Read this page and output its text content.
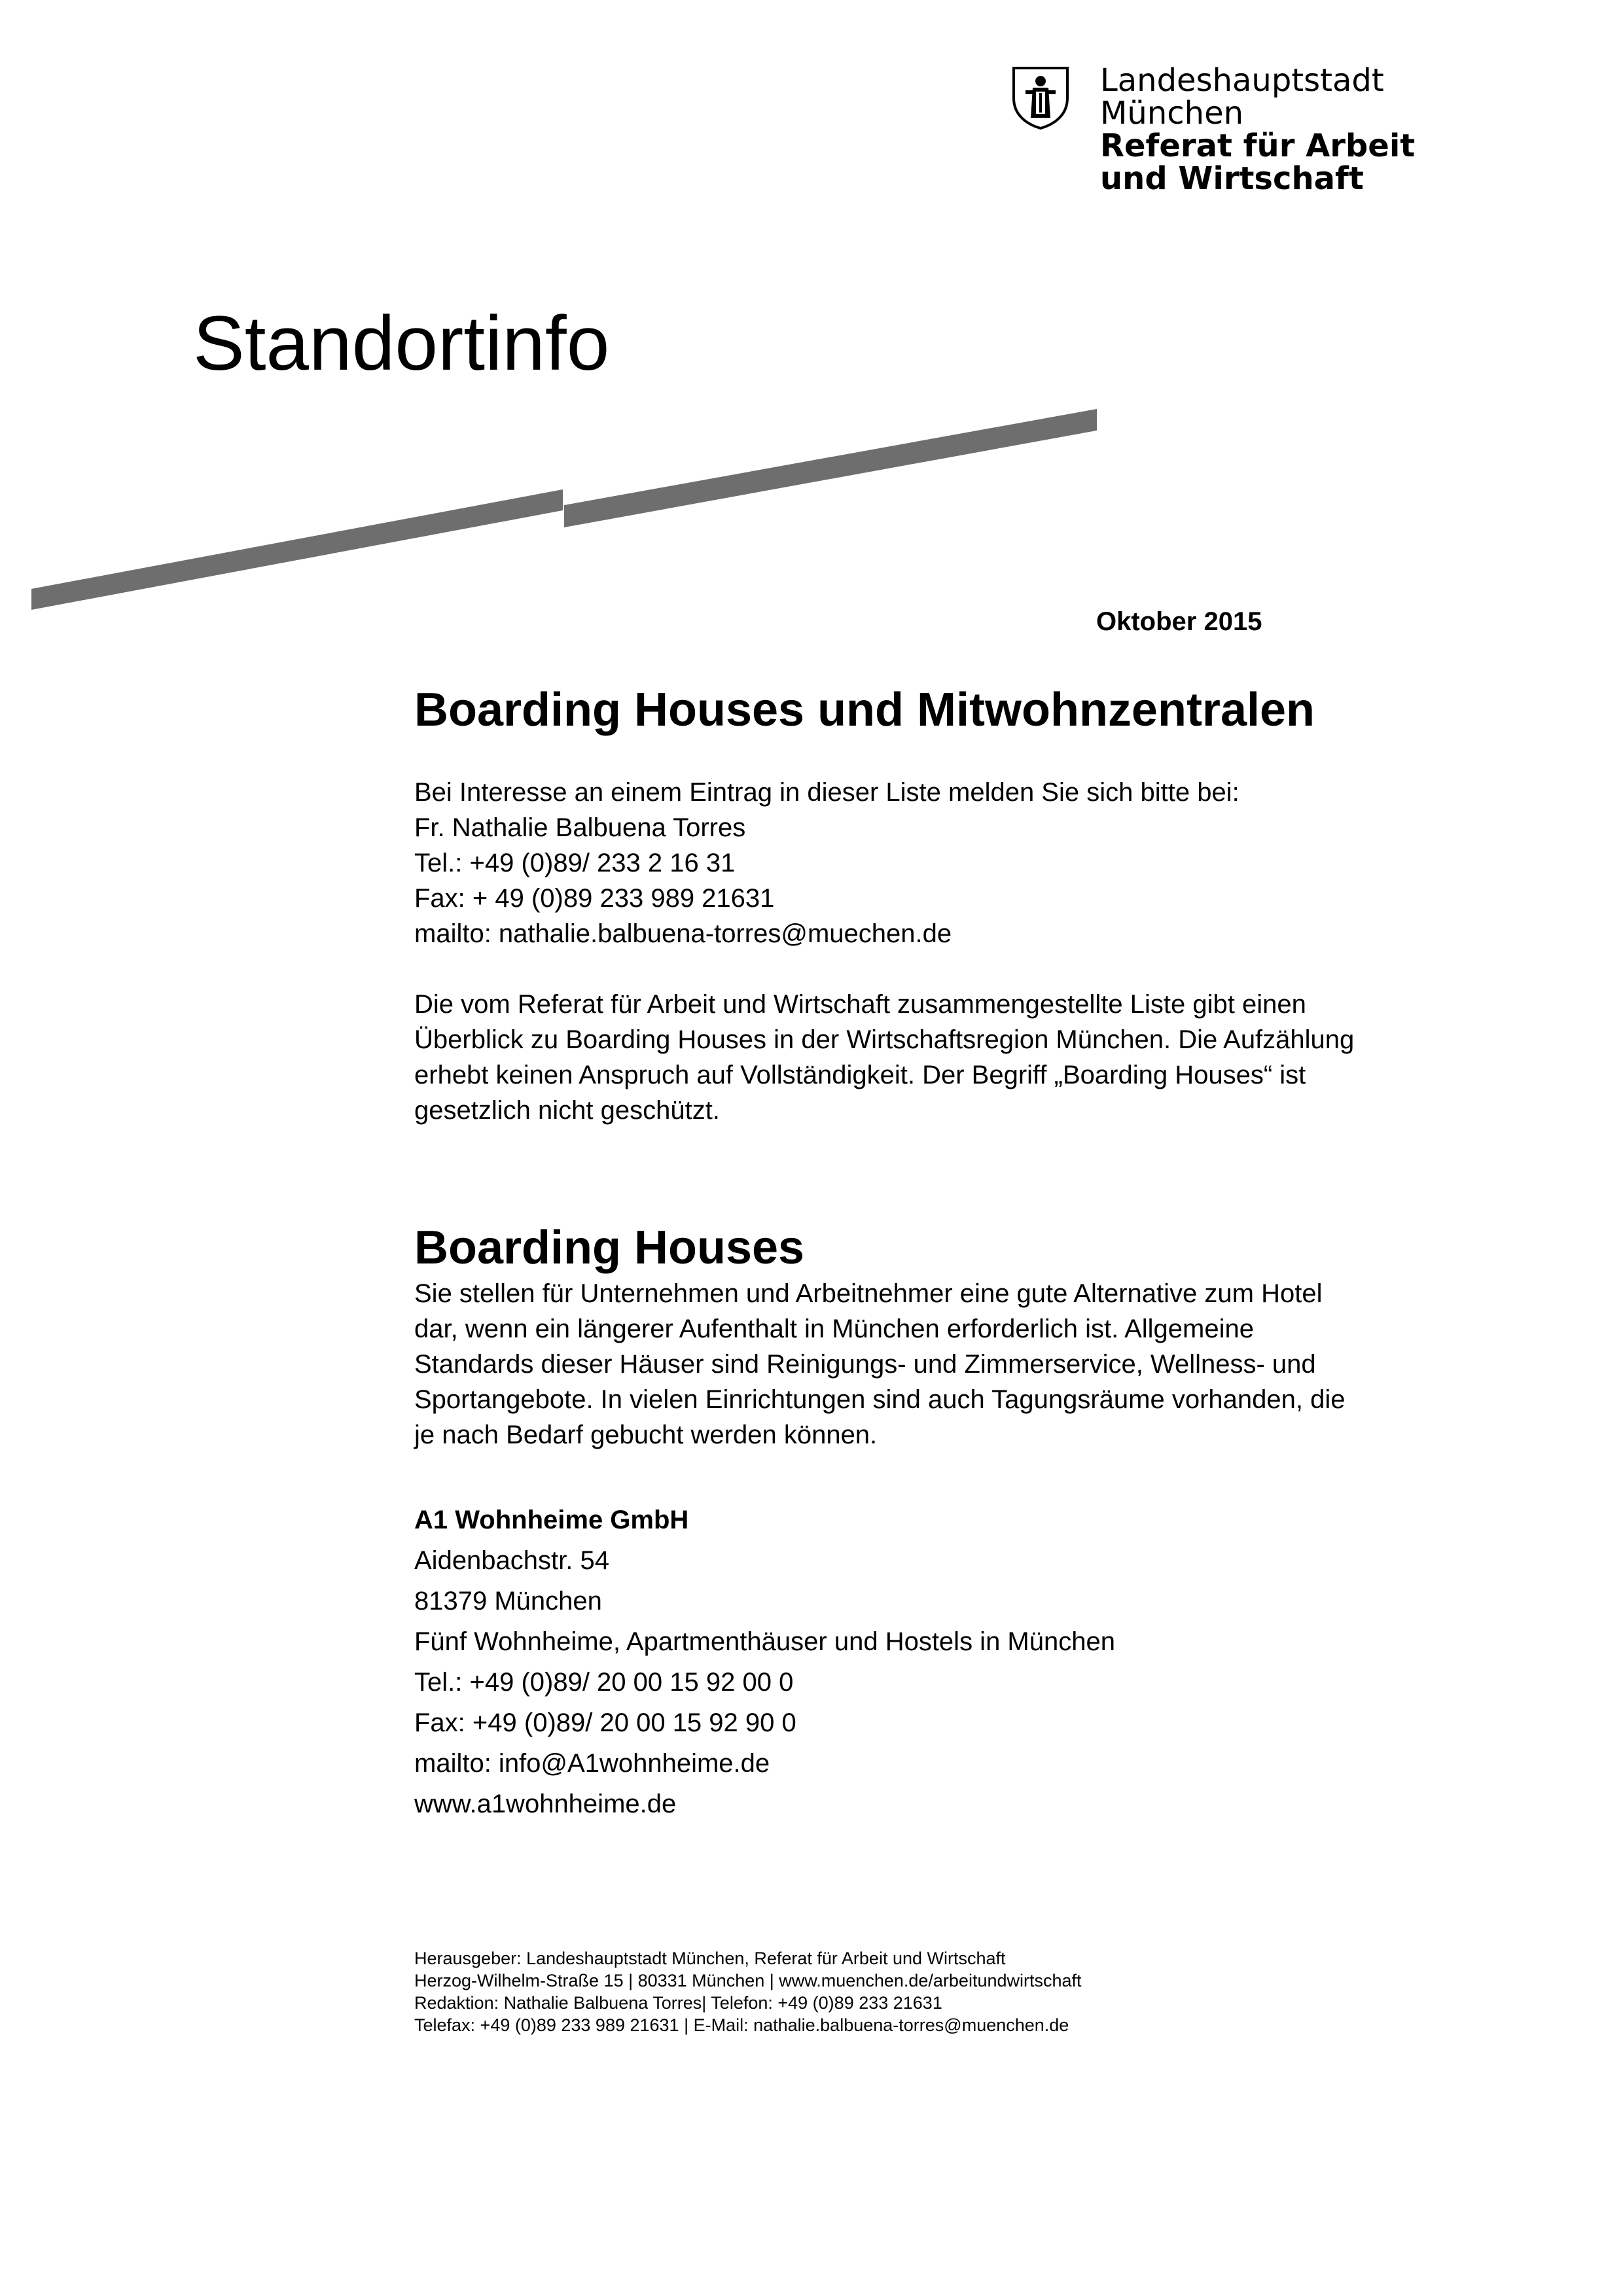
Landeshauptstadt
München
Referat für Arbeit
und Wirtschaft
Standortinfo
Oktober 2015
Boarding Houses und Mitwohnzentralen
Bei Interesse an einem Eintrag in dieser Liste melden Sie sich bitte bei:
Fr. Nathalie Balbuena Torres
Tel.: +49 (0)89/ 233 2 16 31
Fax: + 49 (0)89 233 989 21631
mailto: nathalie.balbuena-torres@muechen.de
Die vom Referat für Arbeit und Wirtschaft zusammengestellte Liste gibt einen
Überblick zu Boarding Houses in der Wirtschaftsregion München. Die Aufzählung
erhebt keinen Anspruch auf Vollständigkeit. Der Begriff „Boarding Houses“ ist
gesetzlich nicht geschützt.
Boarding Houses
Sie stellen für Unternehmen und Arbeitnehmer eine gute Alternative zum Hotel
dar, wenn ein längerer Aufenthalt in München erforderlich ist. Allgemeine
Standards dieser Häuser sind Reinigungs- und Zimmerservice, Wellness- und
Sportangebote. In vielen Einrichtungen sind auch Tagungsräume vorhanden, die
je nach Bedarf gebucht werden können.
A1 Wohnheime GmbH
Aidenbachstr. 54
81379 München
Fünf Wohnheime, Apartmenthäuser und Hostels in München
Tel.: +49 (0)89/ 20 00 15 92 00 0
Fax: +49 (0)89/ 20 00 15 92 90 0
mailto: info@A1wohnheime.de
www.a1wohnheime.de
Herausgeber: Landeshauptstadt München, Referat für Arbeit und Wirtschaft
Herzog-Wilhelm-Straße 15 | 80331 München | www.muenchen.de/arbeitundwirtschaft
Redaktion: Nathalie Balbuena Torres| Telefon: +49 (0)89 233 21631
Telefax: +49 (0)89 233 989 21631 | E-Mail: nathalie.balbuena-torres@muenchen.de
